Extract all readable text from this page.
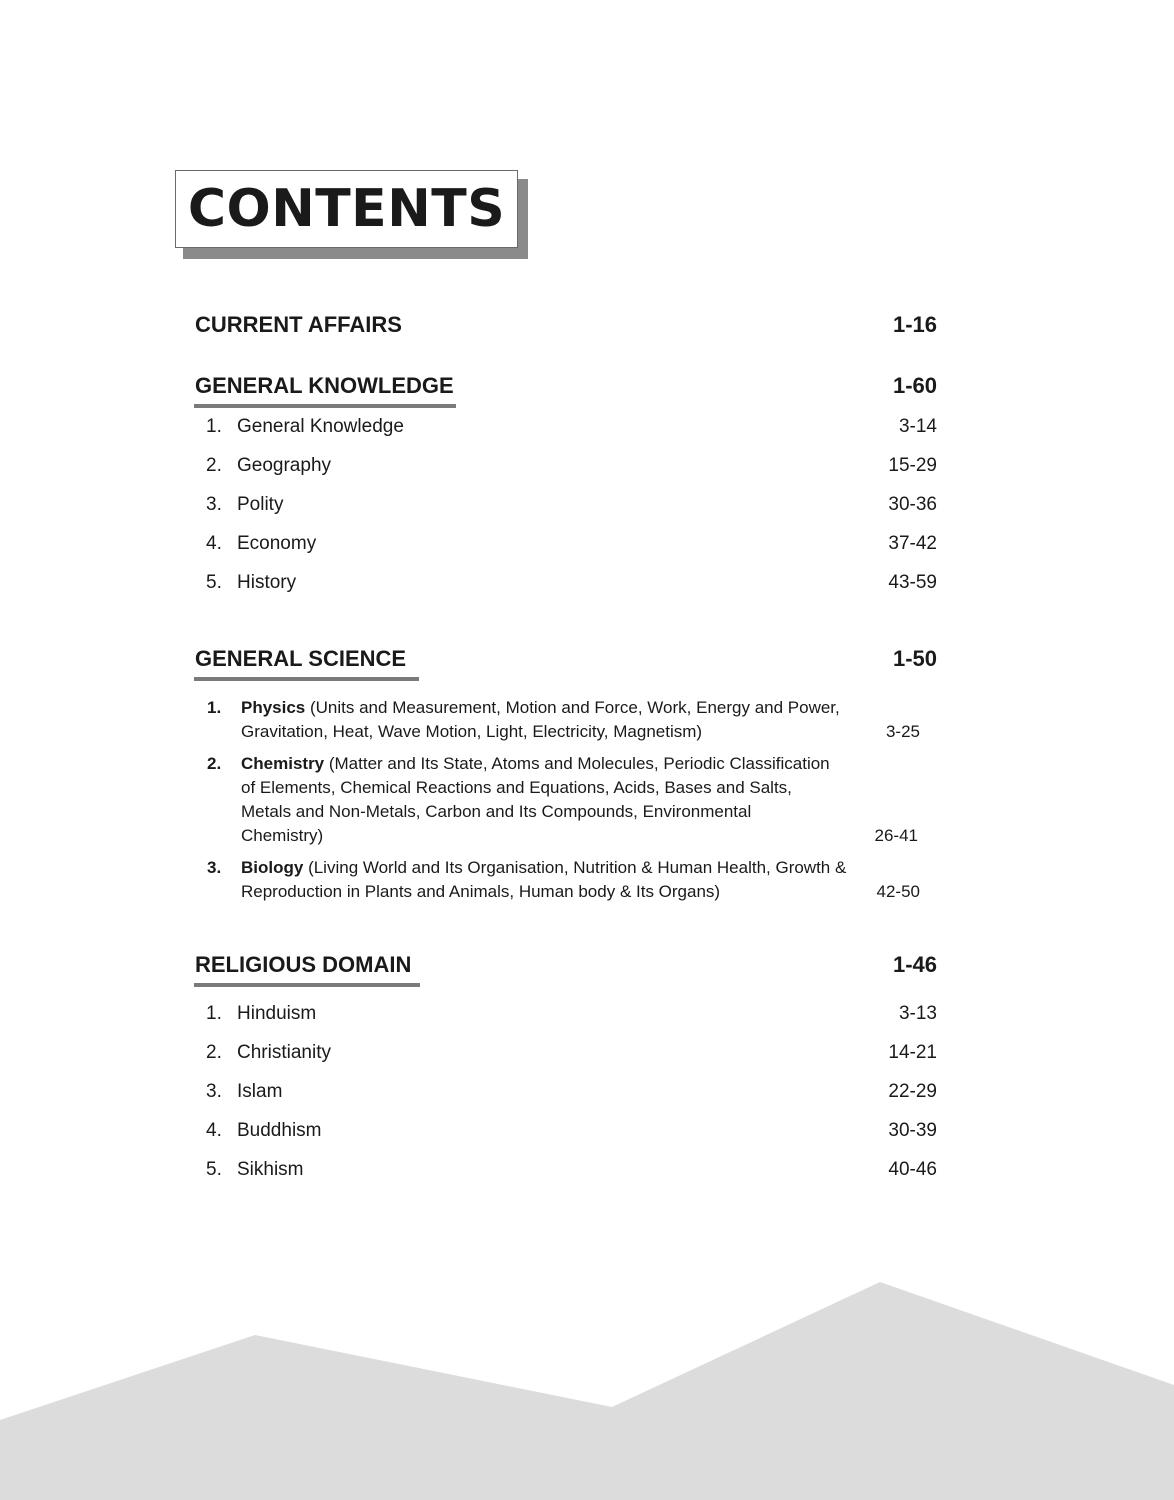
CONTENTS
CURRENT AFFAIRS	1-16
GENERAL KNOWLEDGE	1-60
1. General Knowledge	3-14
2. Geography	15-29
3. Polity	30-36
4. Economy	37-42
5. History	43-59
GENERAL SCIENCE	1-50
1. Physics (Units and Measurement, Motion and Force, Work, Energy and Power, Gravitation, Heat, Wave Motion, Light, Electricity, Magnetism)	3-25
2. Chemistry (Matter and Its State, Atoms and Molecules, Periodic Classification of Elements, Chemical Reactions and Equations, Acids, Bases and Salts, Metals and Non-Metals, Carbon and Its Compounds, Environmental Chemistry)	26-41
3. Biology (Living World and Its Organisation, Nutrition & Human Health, Growth & Reproduction in Plants and Animals, Human body & Its Organs)	42-50
RELIGIOUS DOMAIN	1-46
1. Hinduism	3-13
2. Christianity	14-21
3. Islam	22-29
4. Buddhism	30-39
5. Sikhism	40-46
